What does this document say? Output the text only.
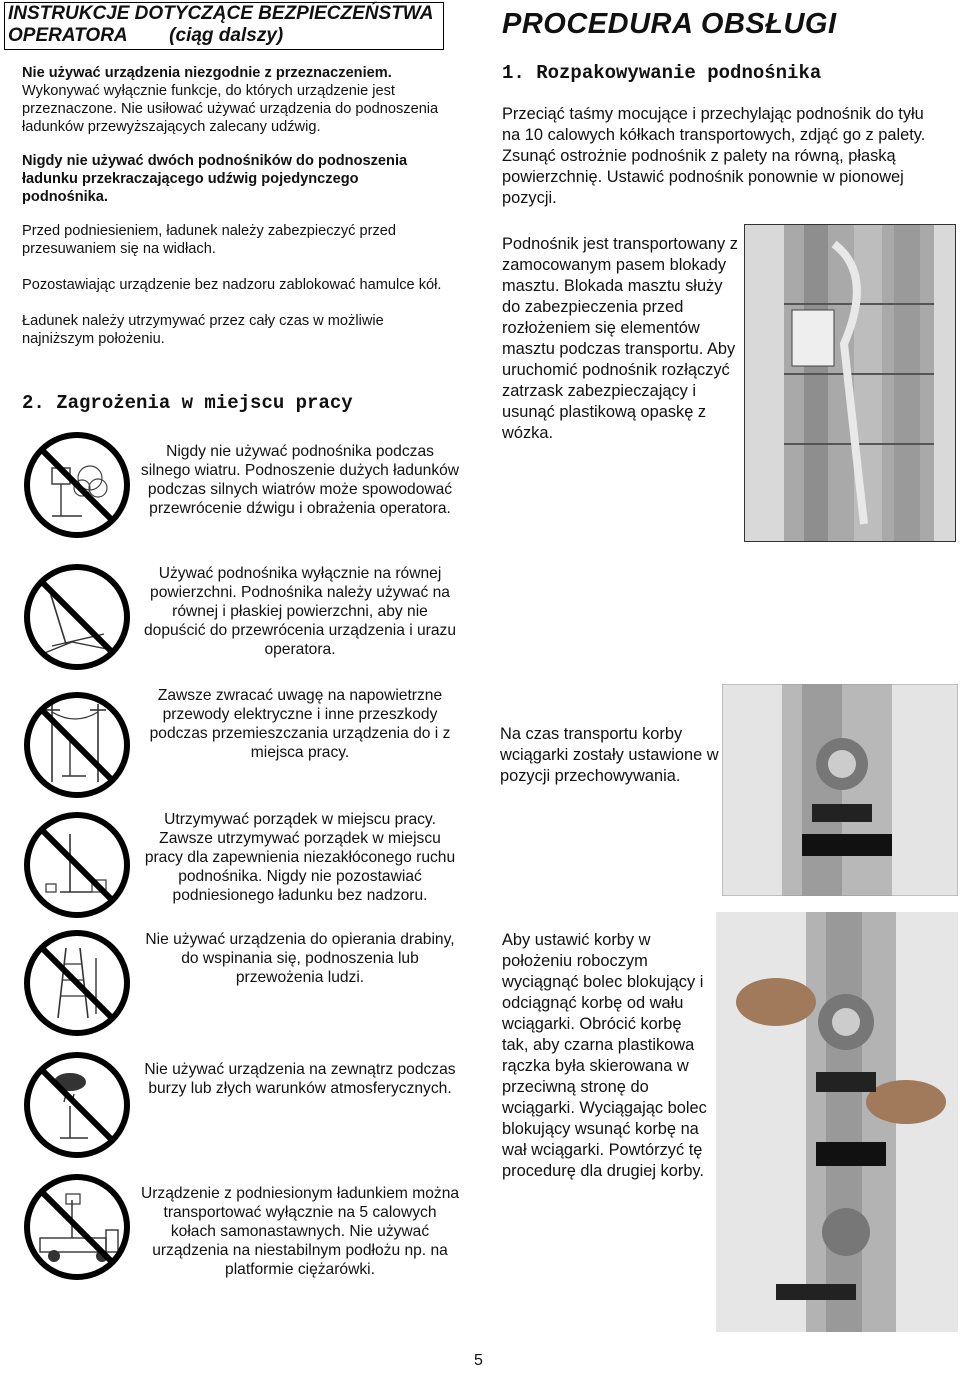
INSTRUKCJE DOTYCZĄCE BEZPIECZEŃSTWA
OPERATORA (ciąg dalszy)
Nie używać urządzenia niezgodnie z przeznaczeniem. Wykonywać wyłącznie funkcje, do których urządzenie jest przeznaczone. Nie usiłować używać urządzenia do podnoszenia ładunków przewyższających zalecany udźwig.
Nigdy nie używać dwóch podnośników do podnoszenia ładunku przekraczającego udźwig pojedynczego podnośnika.
Przed podniesieniem, ładunek należy zabezpieczyć przed przesuwaniem się na widłach.
Pozostawiając urządzenie bez nadzoru zablokować hamulce kół.
Ładunek należy utrzymywać przez cały czas w możliwie najniższym położeniu.
2. Zagrożenia w miejscu pracy
Nigdy nie używać podnośnika podczas silnego wiatru. Podnoszenie dużych ładunków podczas silnych wiatrów może spowodować przewrócenie dźwigu i obrażenia operatora.
Używać podnośnika wyłącznie na równej powierzchni. Podnośnika należy używać na równej i płaskiej powierzchni, aby nie dopuścić do przewrócenia urządzenia i urazu operatora.
Zawsze zwracać uwagę na napowietrzne przewody elektryczne i inne przeszkody podczas przemieszczania urządzenia do i z miejsca pracy.
Utrzymywać porządek w miejscu pracy. Zawsze utrzymywać porządek w miejscu pracy dla zapewnienia niezakłóconego ruchu podnośnika. Nigdy nie pozostawiać podniesionego ładunku bez nadzoru.
Nie używać urządzenia do opierania drabiny, do wspinania się, podnoszenia lub przewożenia ludzi.
Nie używać urządzenia na zewnątrz podczas burzy lub złych warunków atmosferycznych.
Urządzenie z podniesionym ładunkiem można transportować wyłącznie na 5 calowych kołach samonastawnych. Nie używać urządzenia na niestabilnym podłożu np. na platformie ciężarówki.
PROCEDURA OBSŁUGI
1. Rozpakowywanie podnośnika
Przeciąć taśmy mocujące i przechylając podnośnik do tyłu na 10 calowych kółkach transportowych, zdjąć go z palety. Zsunąć ostrożnie podnośnik z palety na równą, płaską powierzchnię. Ustawić podnośnik ponownie w pionowej pozycji.
Podnośnik jest transportowany z zamocowanym pasem blokady masztu. Blokada masztu służy do zabezpieczenia przed rozłożeniem się elementów masztu podczas transportu. Aby uruchomić podnośnik rozłączyć zatrzask zabezpieczający i usunąć plastikową opaskę z wózka.
Na czas transportu korby wciągarki zostały ustawione w pozycji przechowywania.
Aby ustawić korby w położeniu roboczym wyciągnąć bolec blokujący i odciągnąć korbę od wału wciągarki. Obrócić korbę tak, aby czarna plastikowa rączka była skierowana w przeciwną stronę do wciągarki. Wyciągając bolec blokujący wsunąć korbę na wał wciągarki. Powtórzyć tę procedurę dla drugiej korby.
5
